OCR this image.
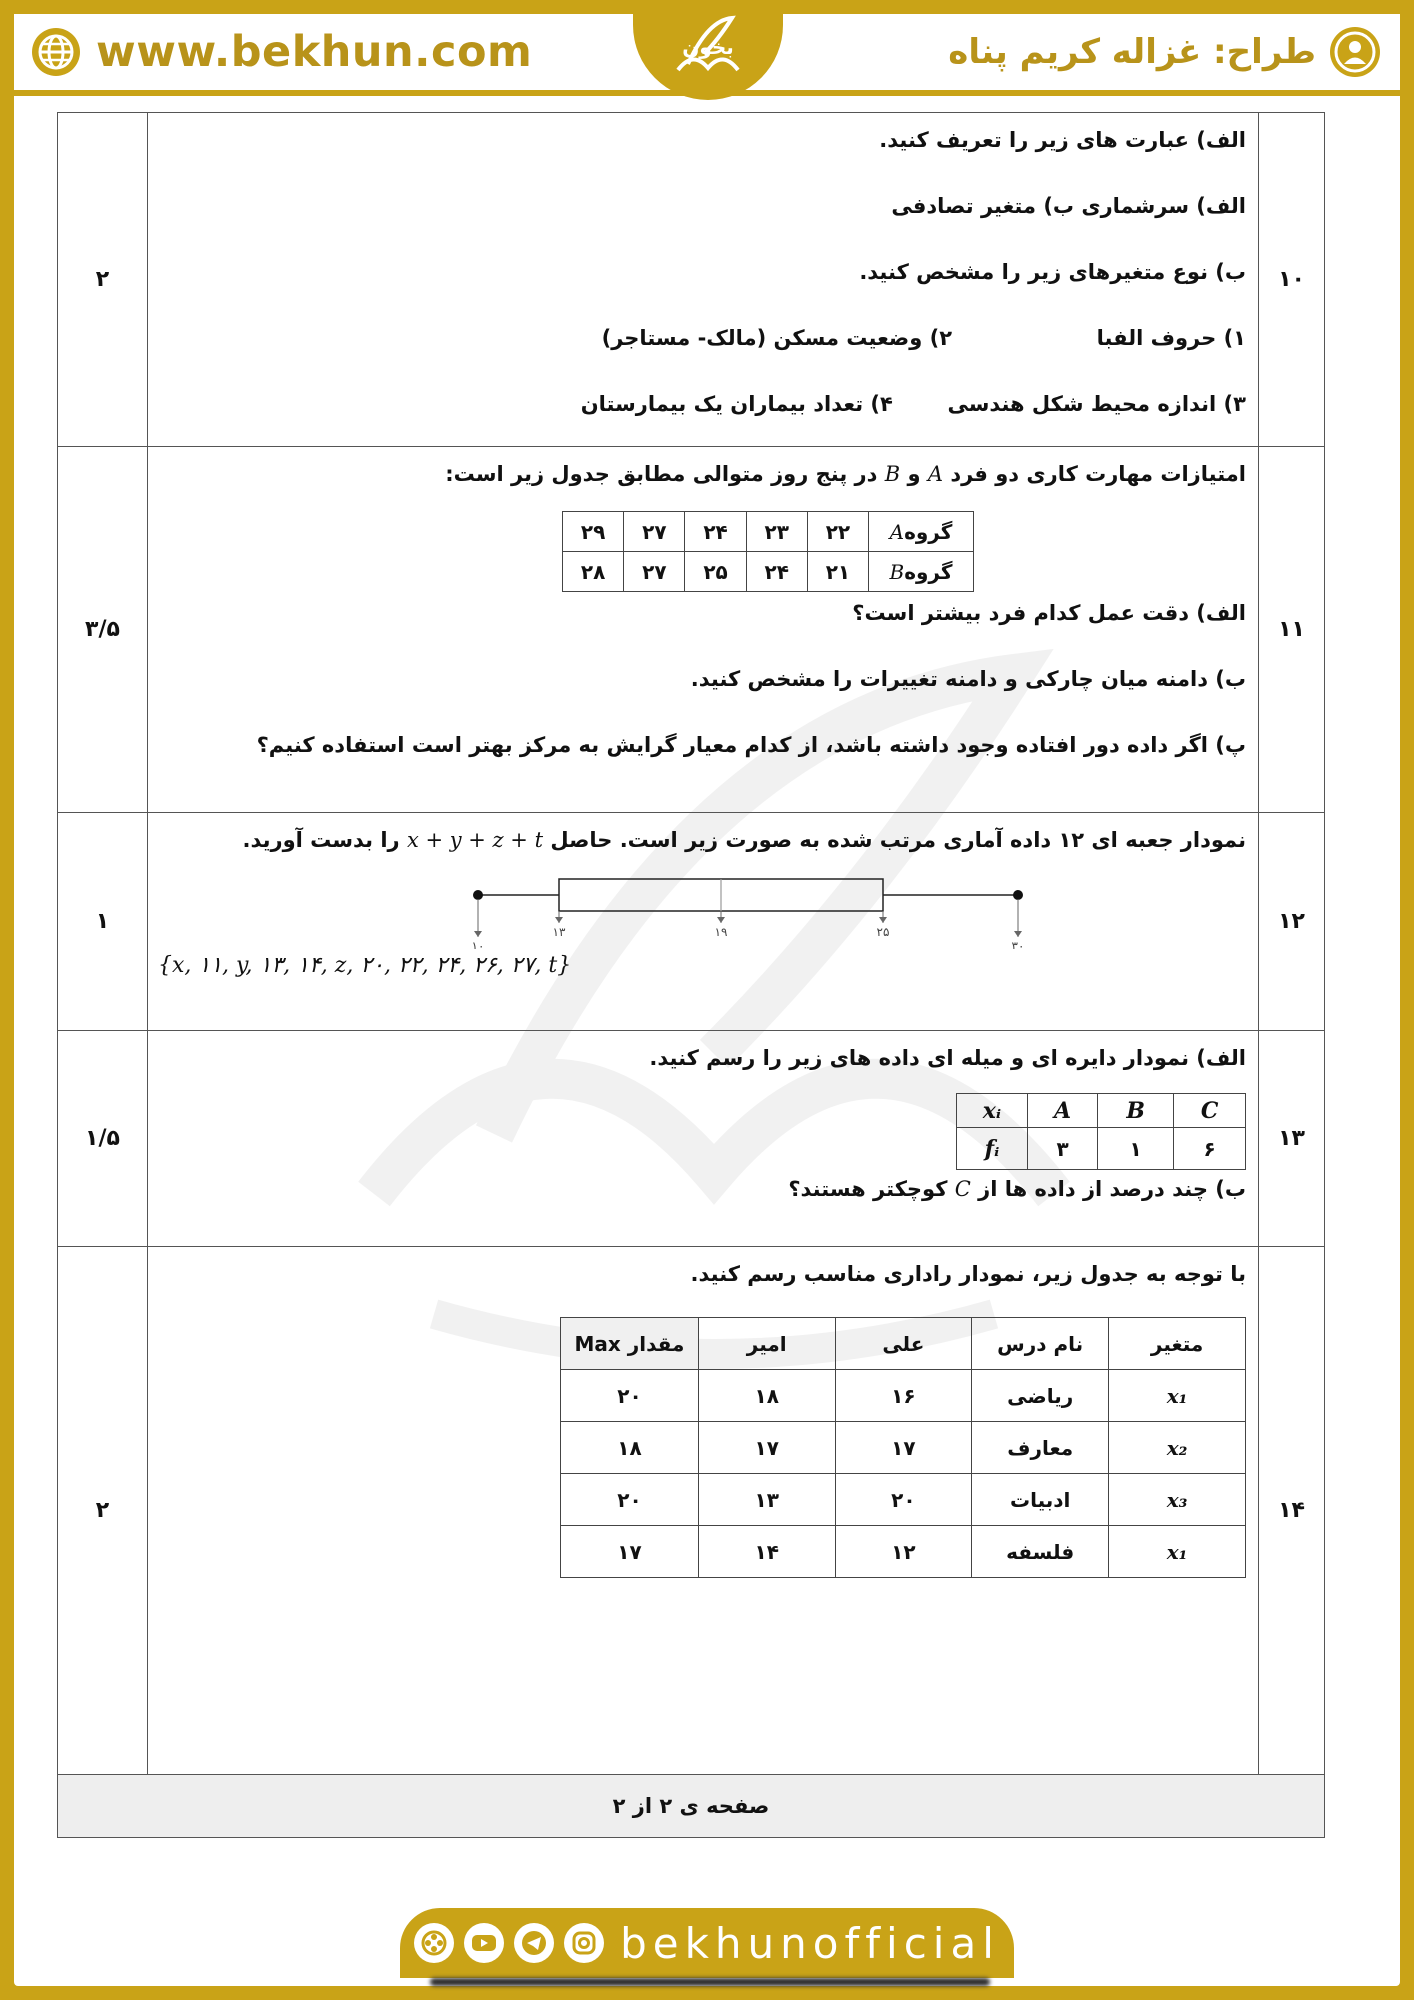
www.bekhun.com	بخون	طراح: غزاله کریم پناه
۱۰	
الف) عبارت های زیر را تعریف کنید.
الف) سرشماری ب) متغیر تصادفی
ب) نوع متغیرهای زیر را مشخص کنید.
۱) حروف الفبا  ۲) وضعیت مسکن (مالک- مستاجر)
۳) اندازه محیط شکل هندسی  ۴) تعداد بیماران یک بیمارستان
	۲
۱۱	
امتیازات مهارت کاری دو فرد A و B در پنج روز متوالی مطابق جدول زیر است:
گروهA	۲۲	۲۳	۲۴	۲۷	۲۹
گروهB	۲۱	۲۴	۲۵	۲۷	۲۸
الف) دقت عمل کدام فرد بیشتر است؟
ب) دامنه میان چارکی و دامنه تغییرات را مشخص کنید.
پ) اگر داده دور افتاده وجود داشته باشد، از کدام معیار گرایش به مرکز بهتر است استفاده کنیم؟
	۳/۵
۱۲	
نمودار جعبه ای ۱۲ داده آماری مرتب شده به صورت زیر است. حاصل x + y + z + t را بدست آورید.
۱۰
۱۳	۱۹	۲۵
۳۰
{x, ۱۱, y, ۱۳, ۱۴, z, ۲۰, ۲۲, ۲۴, ۲۶, ۲۷, t}
	۱
۱۳	
الف) نمودار دایره ای و میله ای داده های زیر را رسم کنید.
xᵢ	A	B	C
fᵢ	۳	۱	۶
ب) چند درصد از داده ها از C کوچکتر هستند؟
	۱/۵
۱۴	
با توجه به جدول زیر، نمودار راداری مناسب رسم کنید.
متغیر	نام درس	علی	امیر	مقدار Max
x₁	ریاضی	۱۶	۱۸	۲۰
x₂	معارف	۱۷	۱۷	۱۸
x₃	ادبیات	۲۰	۱۳	۲۰
x₁	فلسفه	۱۲	۱۴	۱۷
	۲
صفحه ی ۲ از ۲
bekhunofficial
